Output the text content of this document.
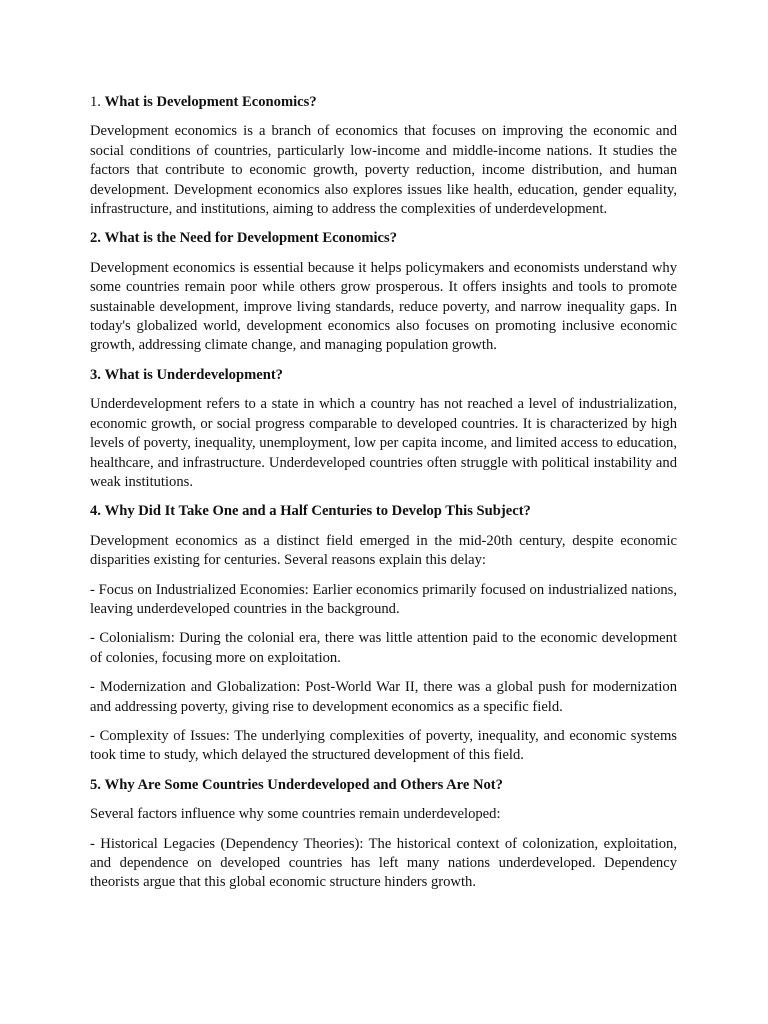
1. What is Development Economics?

Development economics is a branch of economics that focuses on improving the economic and social conditions of countries, particularly low-income and middle-income nations. It studies the factors that contribute to economic growth, poverty reduction, income distribution, and human development. Development economics also explores issues like health, education, gender equality, infrastructure, and institutions, aiming to address the complexities of underdevelopment.

2. What is the Need for Development Economics?

Development economics is essential because it helps policymakers and economists understand why some countries remain poor while others grow prosperous. It offers insights and tools to promote sustainable development, improve living standards, reduce poverty, and narrow inequality gaps. In today's globalized world, development economics also focuses on promoting inclusive economic growth, addressing climate change, and managing population growth.

3. What is Underdevelopment?

Underdevelopment refers to a state in which a country has not reached a level of industrialization, economic growth, or social progress comparable to developed countries. It is characterized by high levels of poverty, inequality, unemployment, low per capita income, and limited access to education, healthcare, and infrastructure. Underdeveloped countries often struggle with political instability and weak institutions.

4. Why Did It Take One and a Half Centuries to Develop This Subject?

Development economics as a distinct field emerged in the mid-20th century, despite economic disparities existing for centuries. Several reasons explain this delay:

- Focus on Industrialized Economies: Earlier economics primarily focused on industrialized nations, leaving underdeveloped countries in the background.

- Colonialism: During the colonial era, there was little attention paid to the economic development of colonies, focusing more on exploitation.

- Modernization and Globalization: Post-World War II, there was a global push for modernization and addressing poverty, giving rise to development economics as a specific field.

- Complexity of Issues: The underlying complexities of poverty, inequality, and economic systems took time to study, which delayed the structured development of this field.

5. Why Are Some Countries Underdeveloped and Others Are Not?

Several factors influence why some countries remain underdeveloped:

- Historical Legacies (Dependency Theories): The historical context of colonization, exploitation, and dependence on developed countries has left many nations underdeveloped. Dependency theorists argue that this global economic structure hinders growth.
